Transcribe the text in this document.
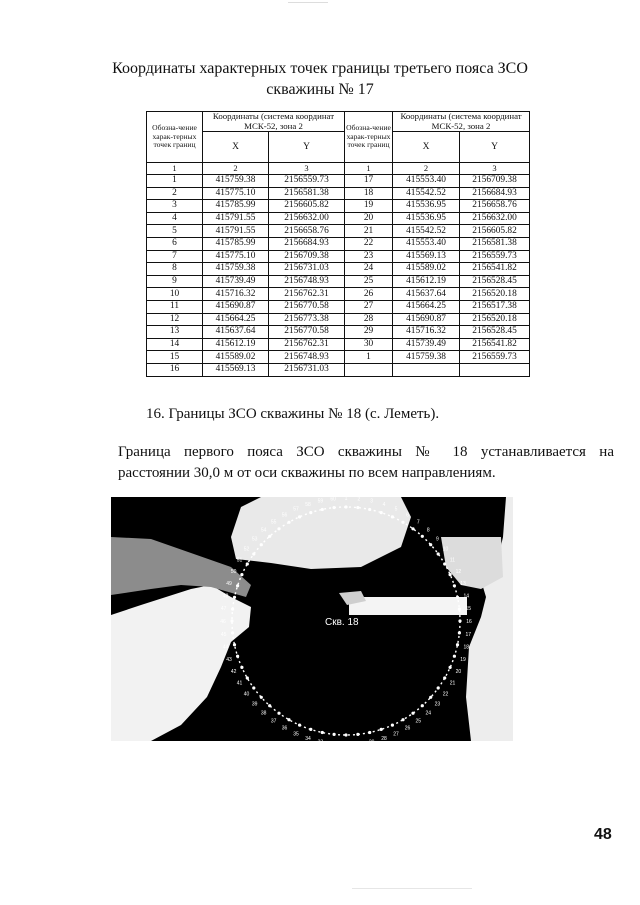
Координаты характерных точек границы третьего пояса ЗСО
скважины № 17
Обозна-чение харак-терных точек границ	Координаты (система координат МСК-52, зона 2		Обозна-чение харак-терных точек границ	Координаты (система координат МСК-52, зона 2	
	X	Y		X	Y
1	2	3	1	2	3
1	415759.38	2156559.73	17	415553.40	2156709.38
2	415775.10	2156581.38	18	415542.52	2156684.93
3	415785.99	2156605.82	19	415536.95	2156658.76
4	415791.55	2156632.00	20	415536.95	2156632.00
5	415791.55	2156658.76	21	415542.52	2156605.82
6	415785.99	2156684.93	22	415553.40	2156581.38
7	415775.10	2156709.38	23	415569.13	2156559.73
8	415759.38	2156731.03	24	415589.02	2156541.82
9	415739.49	2156748.93	25	415612.19	2156528.45
10	415716.32	2156762.31	26	415637.64	2156520.18
11	415690.87	2156770.58	27	415664.25	2156517.38
12	415664.25	2156773.38	28	415690.87	2156520.18
13	415637.64	2156770.58	29	415716.32	2156528.45
14	415612.19	2156762.31	30	415739.49	2156541.82
15	415589.02	2156748.93	1	415759.38	2156559.73
16	415569.13	2156731.03			
16. Границы ЗСО скважины № 18 (с. Леметь).
Граница первого пояса ЗСО скважины № 18 устанавливается на
расстоянии 30,0 м от оси скважины по всем направлениям.
1 2 3
4
5
6
7
8
9
10
11
12
13
14
15
16
17
18
19
20
21
22
23
24
25
26
27
28
29
30
31
32
33
34
35
36
37
38
39
40
41
42
43
44
45
46
47
48
49
50
51
52
53
54
55
56
57
58
59 60
Скв. 18
48
